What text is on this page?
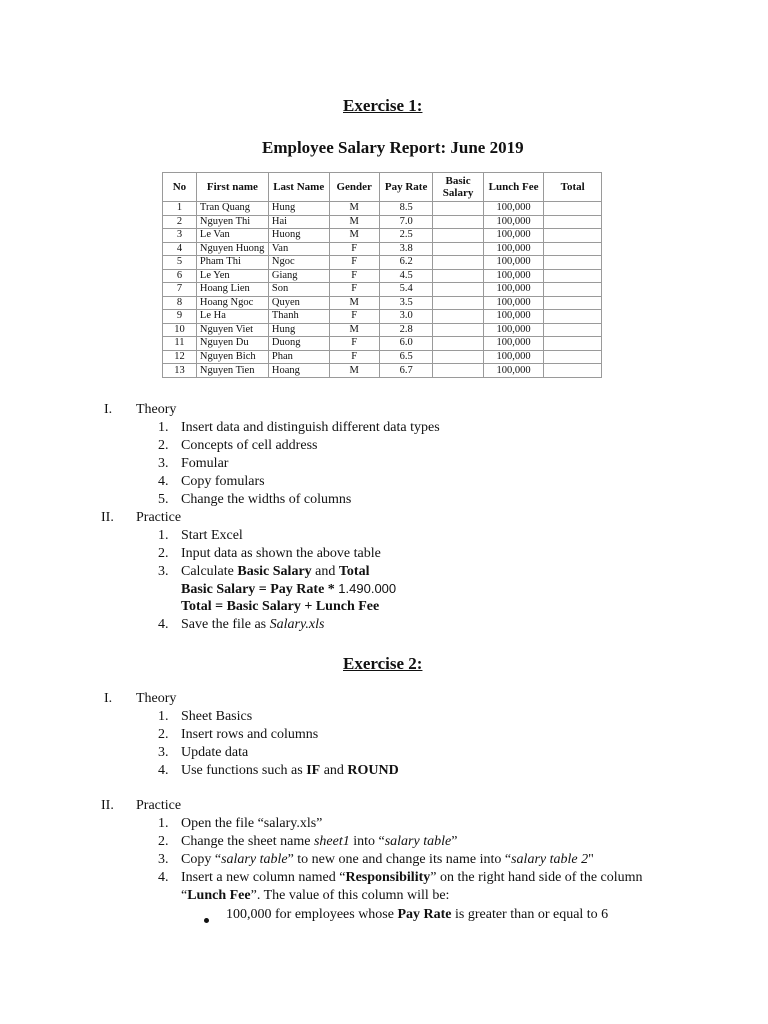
Exercise 1:
Employee Salary Report: June 2019
No	First name	Last Name	Gender	Pay Rate	Basic Salary	Lunch Fee	Total
1	Tran Quang	Hung	M	8.5		100,000	
2	Nguyen Thi	Hai	M	7.0		100,000	
3	Le Van	Huong	M	2.5		100,000	
4	Nguyen Huong	Van	F	3.8		100,000	
5	Pham Thi	Ngoc	F	6.2		100,000	
6	Le Yen	Giang	F	4.5		100,000	
7	Hoang Lien	Son	F	5.4		100,000	
8	Hoang Ngoc	Quyen	M	3.5		100,000	
9	Le Ha	Thanh	F	3.0		100,000	
10	Nguyen Viet	Hung	M	2.8		100,000	
11	Nguyen Du	Duong	F	6.0		100,000	
12	Nguyen Bich	Phan	F	6.5		100,000	
13	Nguyen Tien	Hoang	M	6.7		100,000	
I. Theory
1. Insert data and distinguish different data types
2. Concepts of cell address
3. Fomular
4. Copy fomulars
5. Change the widths of columns
II. Practice
1. Start Excel
2. Input data as shown the above table
3. Calculate Basic Salary and Total
Basic Salary = Pay Rate * 1.490.000
Total = Basic Salary + Lunch Fee
4. Save the file as Salary.xls
Exercise 2:
I. Theory
1. Sheet Basics
2. Insert rows and columns
3. Update data
4. Use functions such as IF and ROUND
II. Practice
1. Open the file “salary.xls”
2. Change the sheet name sheet1 into “salary table”
3. Copy “salary table” to new one and change its name into “salary table 2"
4. Insert a new column named “Responsibility” on the right hand side of the column
“Lunch Fee”. The value of this column will be:
100,000 for employees whose Pay Rate is greater than or equal to 6
